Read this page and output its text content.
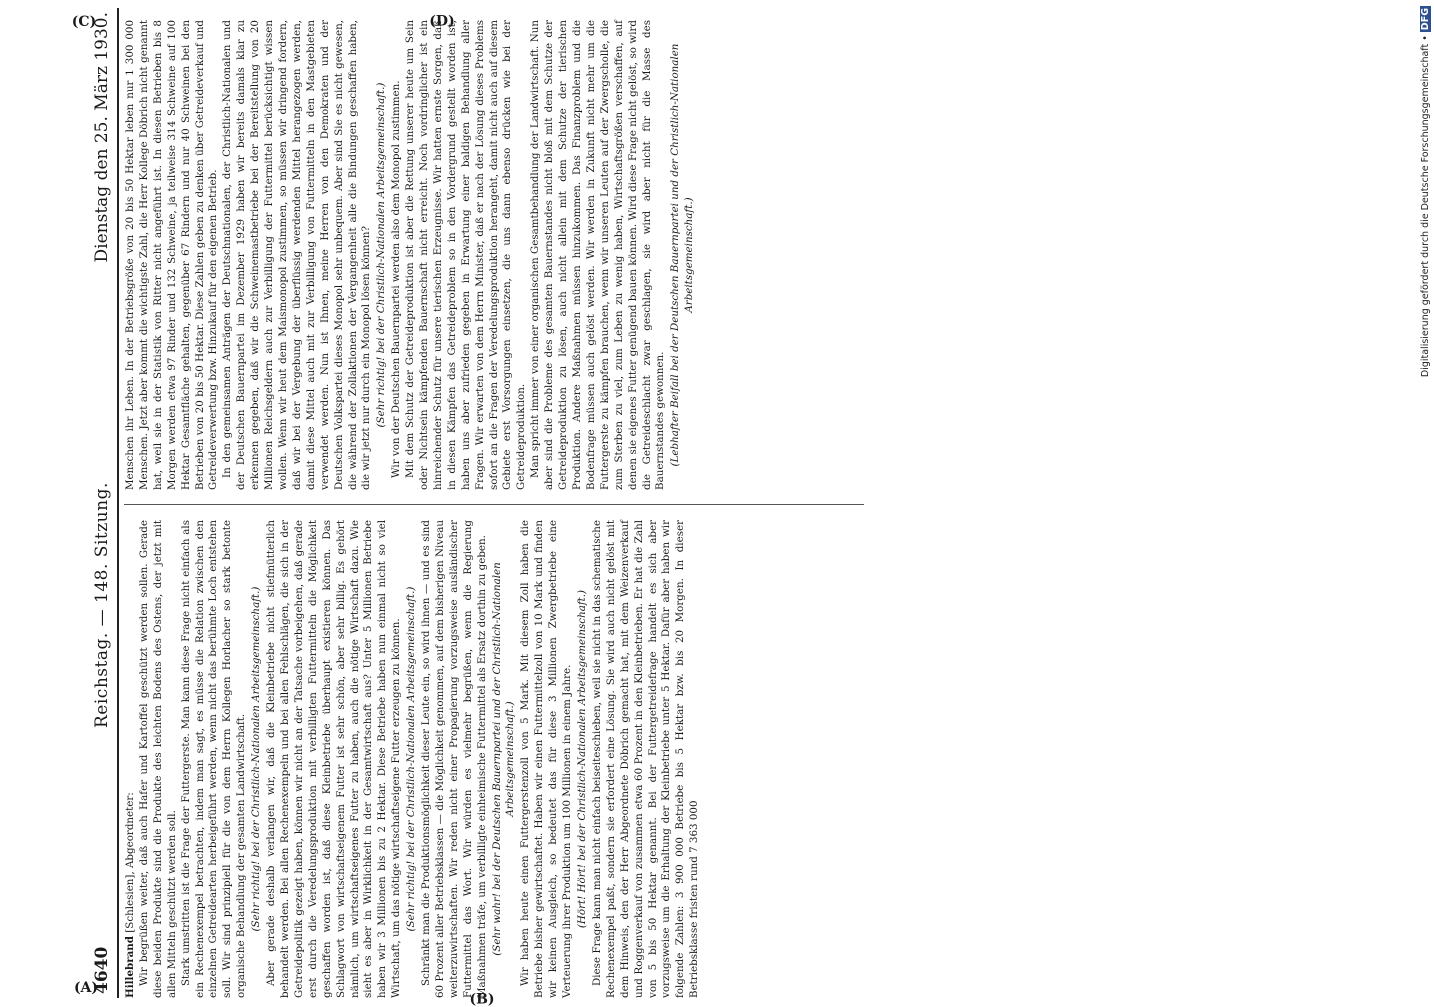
4640
Reichstag. — 148. Sitzung.
Dienstag den 25. März 1930.
(A)
(B)
(C)	(D)

Hillebrand [Schlesien], Abgeordneter: Wir begrüßen weiter, daß auch Hafer und Kartoffel geschützt werden sollen. Gerade diese beiden Produkte sind die Produkte des leichten Bodens des Ostens, der jetzt mit allen Mitteln geschützt werden soll. Stark umstritten ist die Frage der Futtergerste. Man kann diese Frage nicht einfach als ein Rechenexempel betrachten, indem man sagt, es müsse die Relation zwischen den einzelnen Getreidearten herbeigeführt werden, wenn nicht das berühmte Loch entstehen soll. Wir sind prinzipiell für die von dem Herrn Kollegen Horlacher so stark betonte organische Behandlung der gesamten Landwirtschaft. (Sehr richtig! bei der Christlich-Nationalen Arbeitsgemeinschaft.) Aber gerade deshalb verlangen wir, daß die Kleinbetriebe nicht stiefmütterlich behandelt werden. Bei allen Rechenexempeln und bei allen Fehlschlägen, die sich in der Getreidepolitik gezeigt haben, können wir nicht an der Tatsache vorbeigehen, daß gerade erst durch die Veredelungsproduktion mit verbilligten Futtermitteln die Möglichkeit geschaffen worden ist, daß diese Kleinbetriebe überhaupt existieren können. Das Schlagwort von wirtschaftseigenem Futter ist sehr schön, aber sehr billig. Es gehört nämlich, um wirtschaftseigenes Futter zu haben, auch die nötige Wirtschaft dazu. Wie sieht es aber in Wirklichkeit in der Gesamtwirtschaft aus? Unter 5 Millionen Betriebe haben wir 3 Millionen bis zu 2 Hektar. Diese Betriebe haben nun einmal nicht so viel Wirtschaft, um das nötige wirtschaftseigene Futter erzeugen zu können. (Sehr richtig! bei der Christlich-Nationalen Arbeitsgemeinschaft.) Schränkt man die Produktionsmöglichkeit dieser Leute ein, so wird ihnen — und es sind 60 Prozent aller Betriebsklassen — die Möglichkeit genommen, auf dem bisherigen Niveau weiterzuwirtschaften. Wir reden nicht einer Propagierung vorzugsweise ausländischer Futtermittel das Wort. Wir würden es vielmehr begrüßen, wenn die Regierung Maßnahmen träfe, um verbilligte einheimische Futtermittel als Ersatz dorthin zu geben. (Sehr wahr! bei der Deutschen Bauernpartei und der Christlich-Nationalen Arbeitsgemeinschaft.) Wir haben heute einen Futtergerstenzoll von 5 Mark. Mit diesem Zoll haben die Betriebe bisher gewirtschaftet. Haben wir einen Futtermittelzoll von 10 Mark und finden wir keinen Ausgleich, so bedeutet das für diese 3 Millionen Zwergbetriebe eine Verteuerung ihrer Produktion um 100 Millionen in einem Jahre. (Hört! Hört! bei der Christlich-Nationalen Arbeitsgemeinschaft.) Diese Frage kann man nicht einfach beiseiteschieben, weil sie nicht in das schematische Rechenexempel paßt, sondern sie erfordert eine Lösung. Sie wird auch nicht gelöst mit dem Hinweis, den der Herr Abgeordnete Döbrich gemacht hat, mit dem Weizenverkauf und Roggenverkauf von zusammen etwa 60 Prozent in den Kleinbetrieben. Er hat die Zahl von 5 bis 50 Hektar genannt. Bei der Futtergetreidefrage handelt es sich aber vorzugsweise um die Erhaltung der Kleinbetriebe unter 5 Hektar. Dafür aber haben wir folgende Zahlen: 3 900 000 Betriebe bis 5 Hektar bzw. bis 20 Morgen. In dieser Betriebsklasse fristen rund 7 363 000

Menschen ihr Leben. In der Betriebsgröße von 20 bis 50 Hektar leben nur 1 300 000 Menschen. Jetzt aber kommt die wichtigste Zahl, die Herr Kollege Döbrich nicht genannt hat, weil sie in der Statistik von Ritter nicht angeführt ist. In diesen Betrieben bis 8 Morgen werden etwa 97 Rinder und 132 Schweine, ja teilweise 314 Schweine auf 100 Hektar Gesamtfläche gehalten, gegenüber 67 Rindern und nur 40 Schweinen bei den Betrieben von 20 bis 50 Hektar. Diese Zahlen geben zu denken über Getreideverkauf und Getreideverwertung bzw. Hinzukauf für den eigenen Betrieb. In den gemeinsamen Anträgen der Deutschnationalen, der Christlich-Nationalen und der Deutschen Bauernpartei im Dezember 1929 haben wir bereits damals klar zu erkennen gegeben, daß wir die Schweinemastbetriebe bei der Bereitstellung von 20 Millionen Reichsgeldern auch zur Verbilligung der Futtermittel berücksichtigt wissen wollen. Wenn wir heut dem Maismonopol zustimmen, so müssen wir dringend fordern, daß wir bei der Vergebung der überflüssig werdenden Mittel herangezogen werden, damit diese Mittel auch mit zur Verbilligung von Futtermitteln in den Mastgebieten verwendet werden. Nun ist Ihnen, meine Herren von den Demokraten und der Deutschen Volkspartei dieses Monopol sehr unbequem. Aber sind Sie es nicht gewesen, die während der Zollaktionen der Vergangenheit alle die Bindungen geschaffen haben, die wir jetzt nur durch ein Monopol lösen können? (Sehr richtig! bei der Christlich-Nationalen Arbeitsgemeinschaft.) Wir von der Deutschen Bauernpartei werden also dem Monopol zustimmen. Mit dem Schutz der Getreideproduktion ist aber die Rettung unserer heute um Sein oder Nichtsein kämpfenden Bauernschaft nicht erreicht. Noch vordringlicher ist ein hinreichender Schutz für unsere tierischen Erzeugnisse. Wir hatten ernste Sorgen, daß in diesen Kämpfen das Getreideproblem so in den Vordergrund gestellt worden ist, haben uns aber zufrieden gegeben in Erwartung einer baldigen Behandlung aller Fragen. Wir erwarten von dem Herrn Minister, daß er nach der Lösung dieses Problems sofort an die Fragen der Veredelungsproduktion herangeht, damit nicht auch auf diesem Gebiete erst Vorsorgungen einsetzen, die uns dann ebenso drücken wie bei der Getreideproduktion. Man spricht immer von einer organischen Gesamtbehandlung der Landwirtschaft. Nun aber sind die Probleme des gesamten Bauernstandes nicht bloß mit dem Schutze der Getreideproduktion zu lösen, auch nicht allein mit dem Schutze der tierischen Produktion. Andere Maßnahmen müssen hinzukommen. Das Finanzproblem und die Bodenfrage müssen auch gelöst werden. Wir werden in Zukunft nicht mehr um die Futtergerste zu kämpfen brauchen, wenn wir unseren Leuten auf der Zwergscholle, die zum Sterben zu viel, zum Leben zu wenig haben, Wirtschaftsgrößen verschaffen, auf denen sie eigenes Futter genügend bauen können. Wird diese Frage nicht gelöst, so wird die Getreideschlacht zwar geschlagen, sie wird aber nicht für die Masse des Bauernstandes gewonnen. (Lebhafter Beifall bei der Deutschen Bauernpartei und der Christlich-Nationalen Arbeitsgemeinschaft.)	Digitalisierung gefördert durch die Deutsche Forschungsgemeinschaft •DFG
